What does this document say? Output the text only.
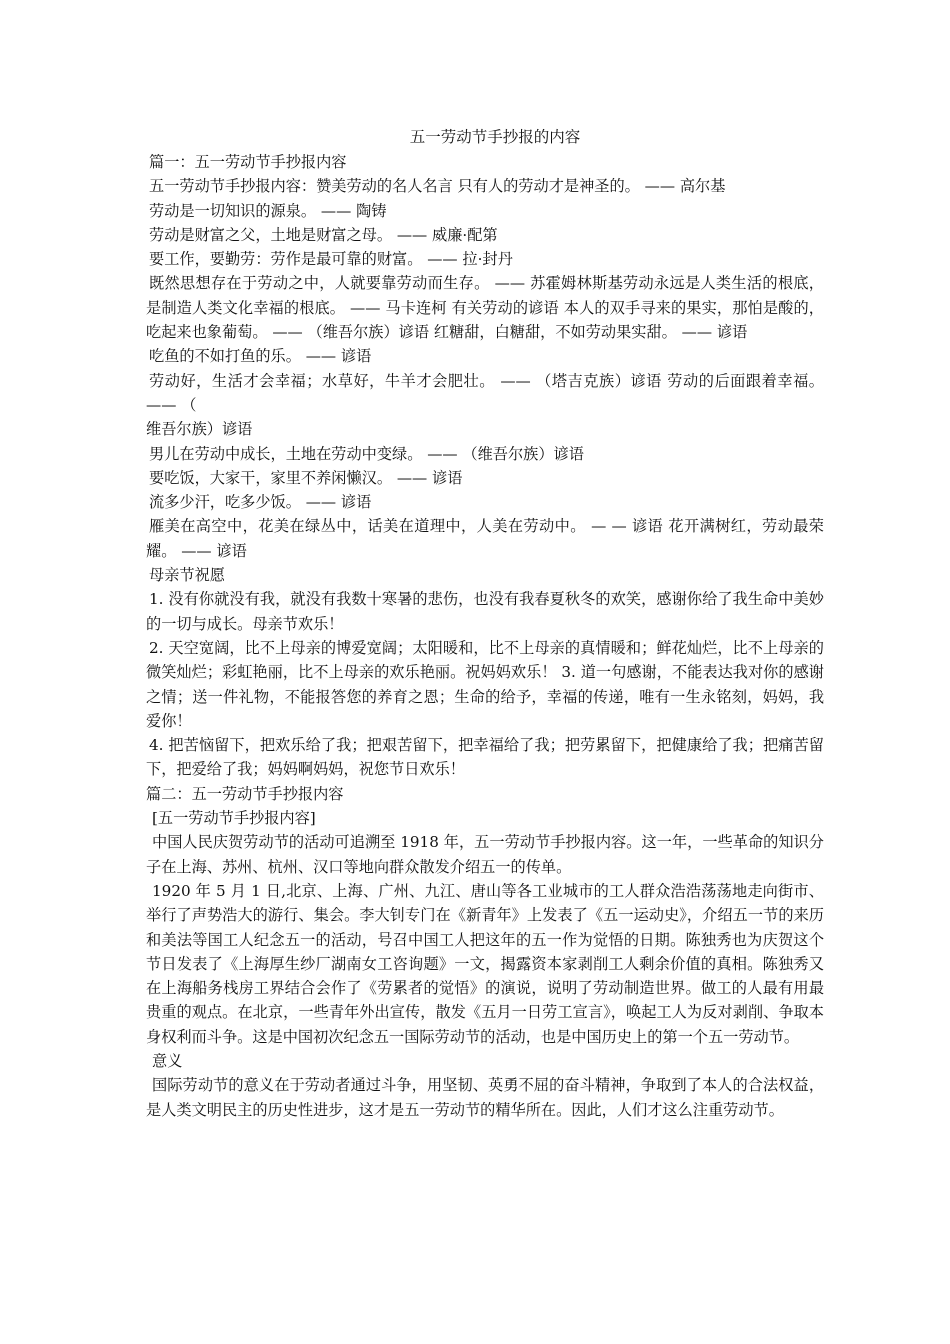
五一劳动节手抄报的内容

篇一：五一劳动节手抄报内容

五一劳动节手抄报内容：赞美劳动的名人名言 只有人的劳动才是神圣的。 —— 高尔基

劳动是一切知识的源泉。 —— 陶铸

劳动是财富之父，土地是财富之母。 —— 威廉·配第

要工作，要勤劳：劳作是最可靠的财富。 —— 拉·封丹

既然思想存在于劳动之中，人就要靠劳动而生存。 —— 苏霍姆林斯基劳动永远是人类生活的根底，是制造人类文化幸福的根底。 —— 马卡连柯 有关劳动的谚语 本人的双手寻来的果实，那怕是酸的，吃起来也象葡萄。 —— （维吾尔族）谚语 红糖甜，白糖甜，不如劳动果实甜。 —— 谚语

吃鱼的不如打鱼的乐。 —— 谚语

劳动好，生活才会幸福；水草好，牛羊才会肥壮。 —— （塔吉克族）谚语 劳动的后面跟着幸福。 —— （

维吾尔族）谚语

男儿在劳动中成长，土地在劳动中变绿。 —— （维吾尔族）谚语

要吃饭，大家干，家里不养闲懒汉。 —— 谚语

流多少汗，吃多少饭。 —— 谚语

雁美在高空中，花美在绿丛中，话美在道理中，人美在劳动中。 — — 谚语 花开满树红，劳动最荣耀。 —— 谚语

母亲节祝愿

1. 没有你就没有我，就没有我数十寒暑的悲伤，也没有我春夏秋冬的欢笑，感谢你给了我生命中美妙的一切与成长。母亲节欢乐！

2. 天空宽阔，比不上母亲的博爱宽阔；太阳暖和，比不上母亲的真情暖和；鲜花灿烂，比不上母亲的微笑灿烂；彩虹艳丽，比不上母亲的欢乐艳丽。祝妈妈欢乐！ 3. 道一句感谢，不能表达我对你的感谢之情；送一件礼物，不能报答您的养育之恩；生命的给予，幸福的传递，唯有一生永铭刻，妈妈，我爱你！

4. 把苦恼留下，把欢乐给了我；把艰苦留下，把幸福给了我；把劳累留下，把健康给了我；把痛苦留下，把爱给了我；妈妈啊妈妈，祝您节日欢乐！

篇二：五一劳动节手抄报内容

[五一劳动节手抄报内容]

中国人民庆贺劳动节的活动可追溯至 1918 年，五一劳动节手抄报内容。这一年，一些革命的知识分子在上海、苏州、杭州、汉口等地向群众散发介绍五一的传单。

1920 年 5 月 1 日,北京、上海、广州、九江、唐山等各工业城市的工人群众浩浩荡荡地走向街市、举行了声势浩大的游行、集会。李大钊专门在《新青年》上发表了《五一运动史》，介绍五一节的来历和美法等国工人纪念五一的活动，号召中国工人把这年的五一作为觉悟的日期。陈独秀也为庆贺这个节日发表了《上海厚生纱厂湖南女工咨询题》一文，揭露资本家剥削工人剩余价值的真相。陈独秀又在上海船务栈房工界结合会作了《劳累者的觉悟》的演说，说明了劳动制造世界。做工的人最有用最贵重的观点。在北京，一些青年外出宣传，散发《五月一日劳工宣言》，唤起工人为反对剥削、争取本身权利而斗争。这是中国初次纪念五一国际劳动节的活动，也是中国历史上的第一个五一劳动节。

意义

国际劳动节的意义在于劳动者通过斗争，用坚韧、英勇不屈的奋斗精神，争取到了本人的合法权益，是人类文明民主的历史性进步，这才是五一劳动节的精华所在。因此，人们才这么注重劳动节。
